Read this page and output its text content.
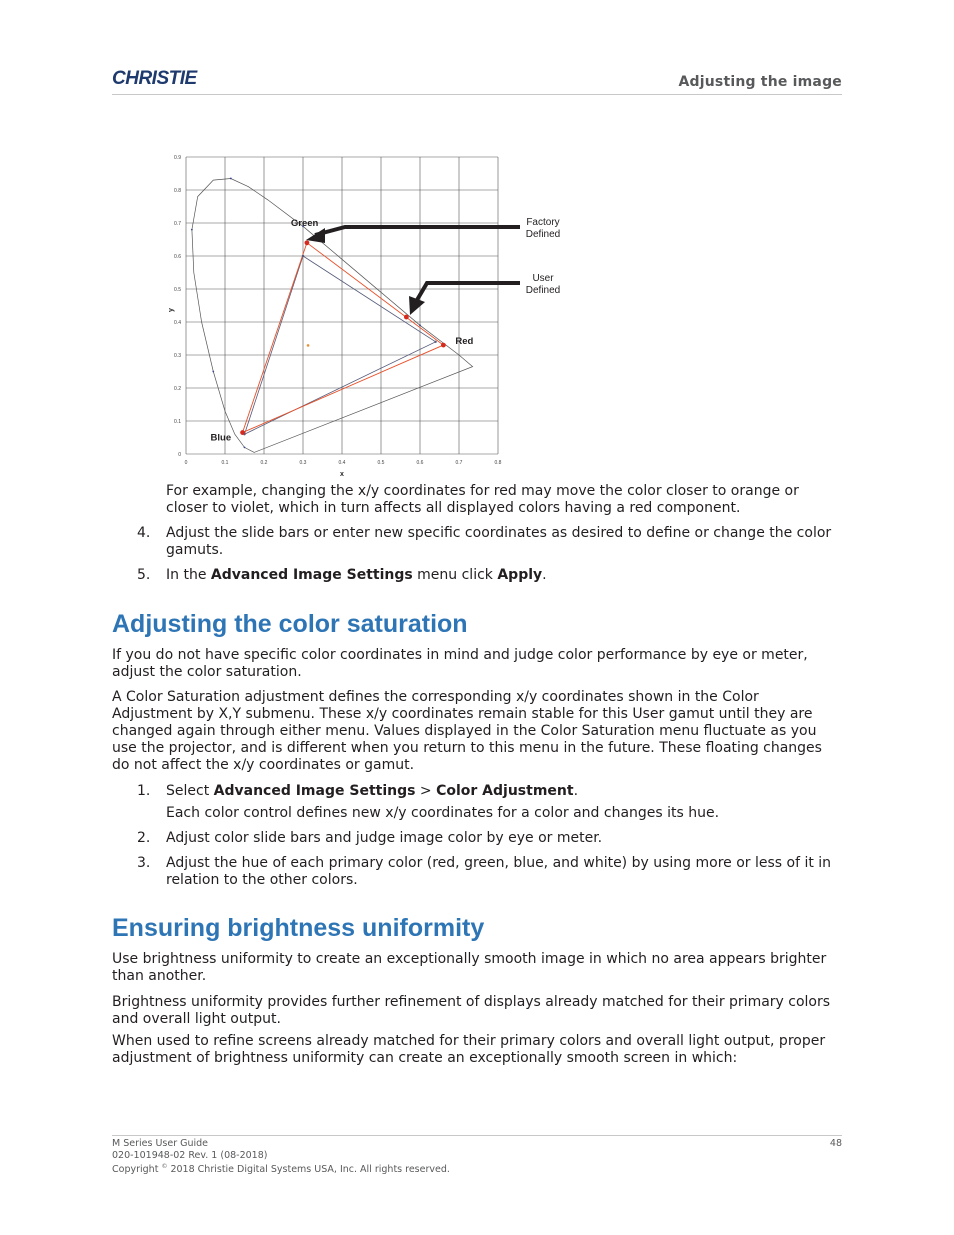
CHRISTIE	Adjusting the image
0	0.1	0.2	0.3	0.4	0.5	0.6	0.7	0.8
0
0.1
0.2
0.3
0.4
0.5
0.6
0.7
0.8
0.9
Green
Red
Blue
x
y
Factory
Defined
User
Defined

For example, changing the x/y coordinates for red may move the color closer to orange or closer to violet, which in turn affects all displayed colors having a red component.

4. Adjust the slide bars or enter new specific coordinates as desired to define or change the color gamuts.

5. In the Advanced Image Settings menu click Apply.

Adjusting the color saturation

If you do not have specific color coordinates in mind and judge color performance by eye or meter, adjust the color saturation.

A Color Saturation adjustment defines the corresponding x/y coordinates shown in the Color Adjustment by X,Y submenu. These x/y coordinates remain stable for this User gamut until they are changed again through either menu. Values displayed in the Color Saturation menu fluctuate as you use the projector, and is different when you return to this menu in the future. These floating changes do not affect the x/y coordinates or gamut.

1. Select Advanced Image Settings > Color Adjustment.

Each color control defines new x/y coordinates for a color and changes its hue.

2. Adjust color slide bars and judge image color by eye or meter.

3. Adjust the hue of each primary color (red, green, blue, and white) by using more or less of it in relation to the other colors.

Ensuring brightness uniformity

Use brightness uniformity to create an exceptionally smooth image in which no area appears brighter than another.

Brightness uniformity provides further refinement of displays already matched for their primary colors and overall light output.

When used to refine screens already matched for their primary colors and overall light output, proper adjustment of brightness uniformity can create an exceptionally smooth screen in which:

M Series User Guide
020-101948-02 Rev. 1 (08-2018)
Copyright © 2018 Christie Digital Systems USA, Inc. All rights reserved.
48
